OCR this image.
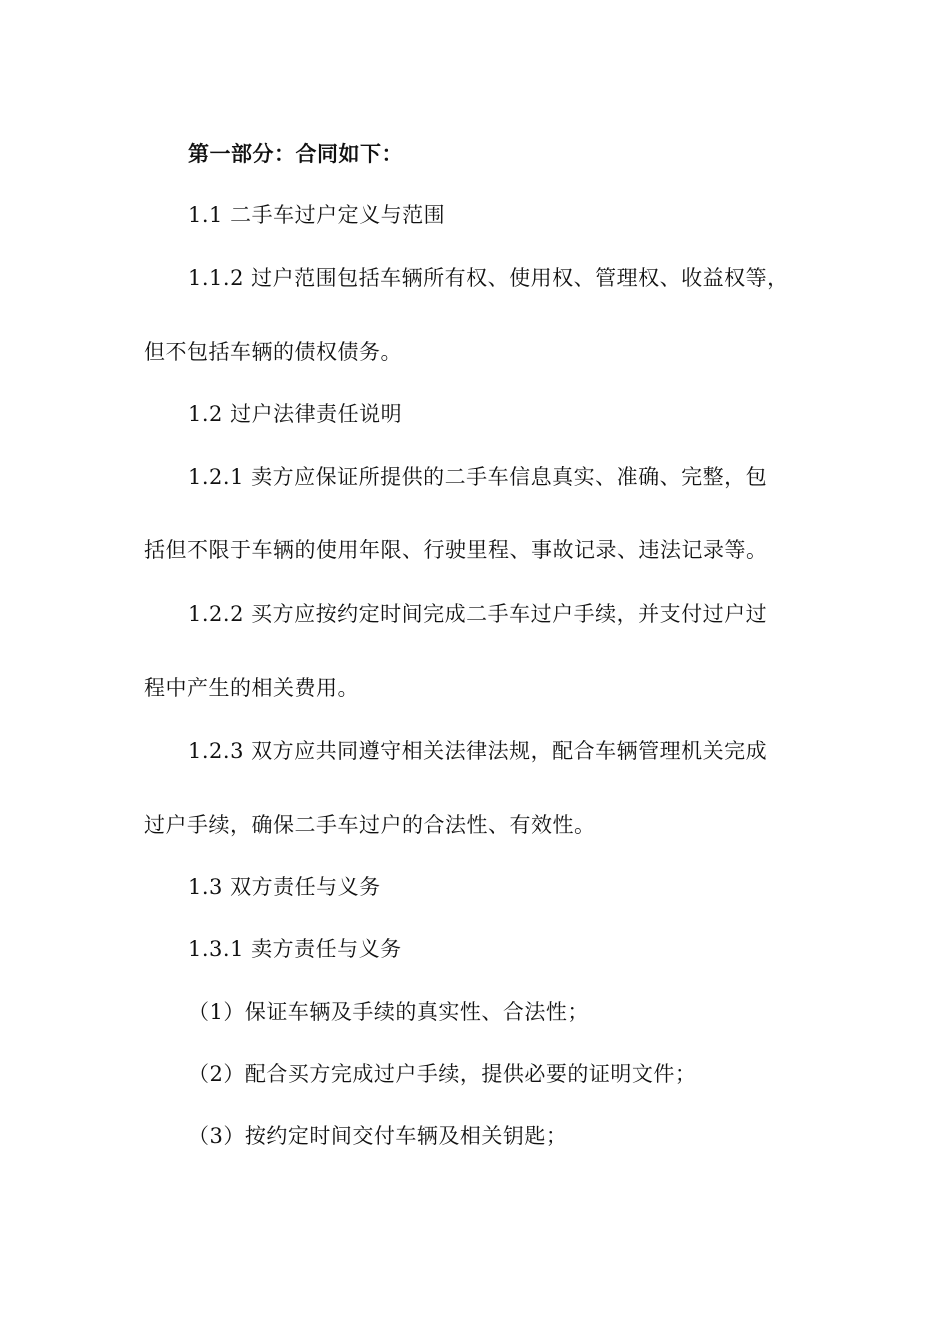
第一部分：合同如下：
1.1 二手车过户定义与范围
1.1.2 过户范围包括车辆所有权、使用权、管理权、收益权等，
但不包括车辆的债权债务。
1.2 过户法律责任说明
1.2.1 卖方应保证所提供的二手车信息真实、准确、完整，包
括但不限于车辆的使用年限、行驶里程、事故记录、违法记录等。
1.2.2 买方应按约定时间完成二手车过户手续，并支付过户过
程中产生的相关费用。
1.2.3 双方应共同遵守相关法律法规，配合车辆管理机关完成
过户手续，确保二手车过户的合法性、有效性。
1.3 双方责任与义务
1.3.1 卖方责任与义务
（1）保证车辆及手续的真实性、合法性；
（2）配合买方完成过户手续，提供必要的证明文件；
（3）按约定时间交付车辆及相关钥匙；
